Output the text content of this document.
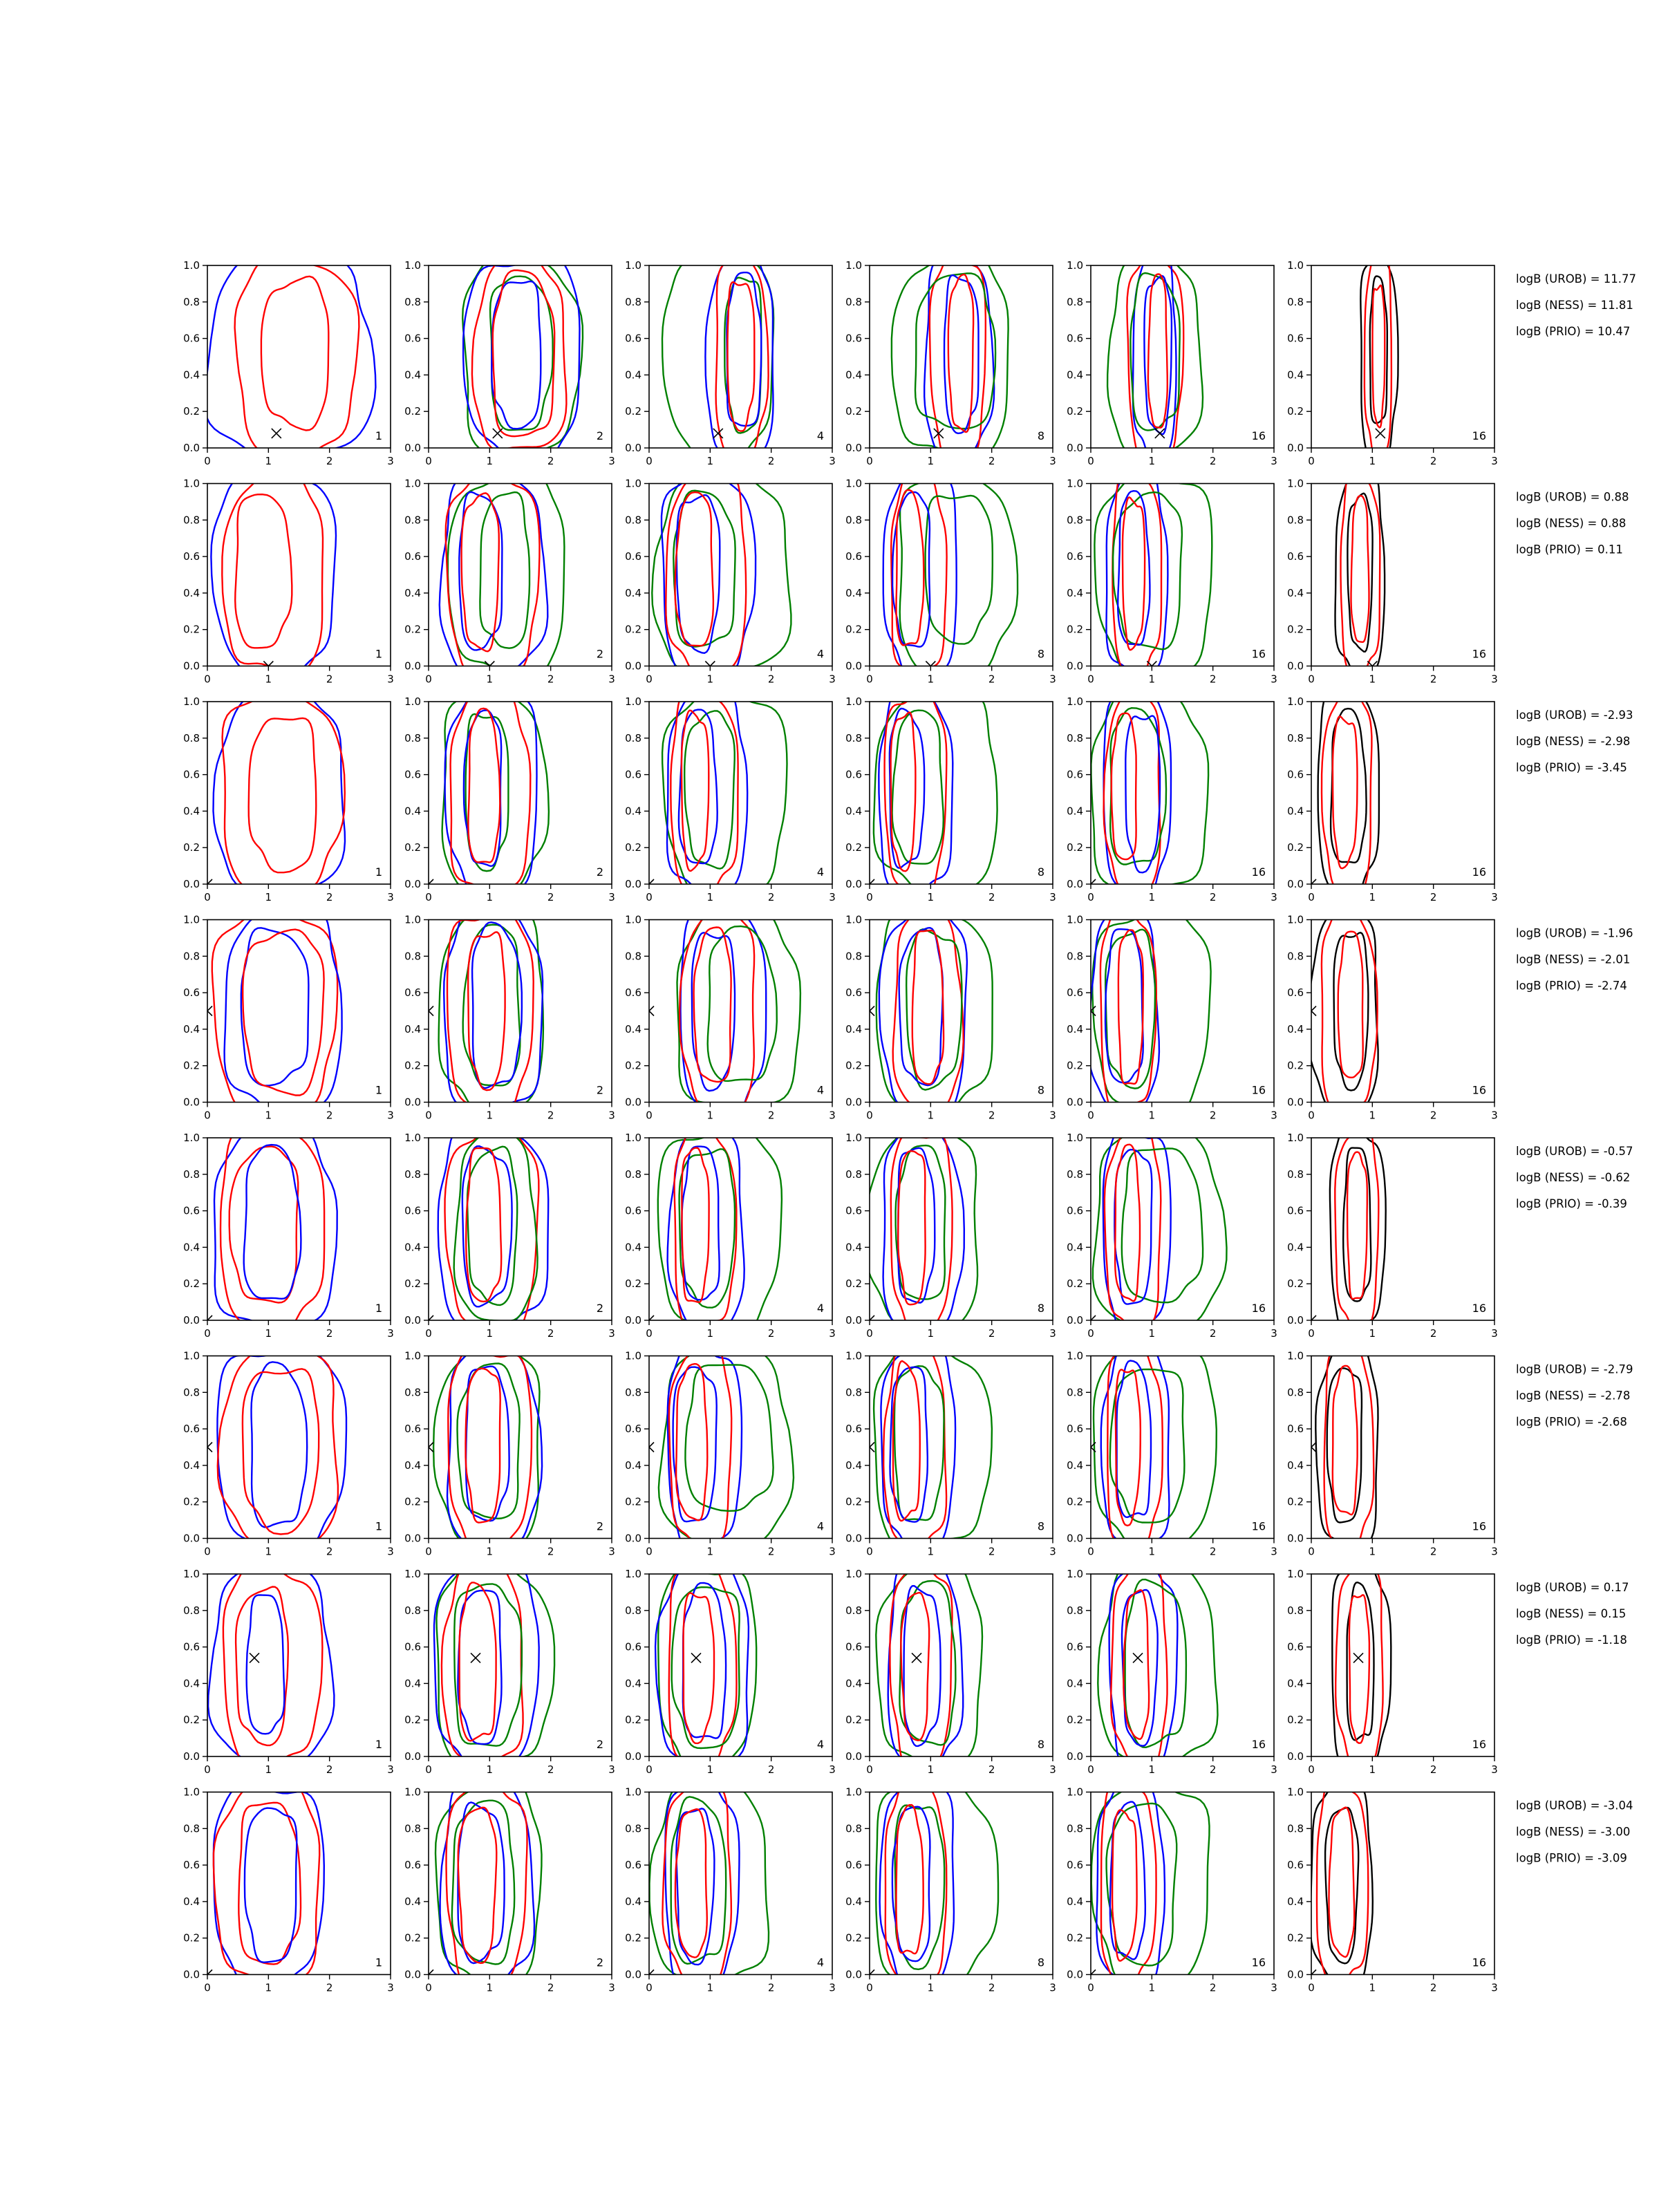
0	1	2	3
0.0
0.2
0.4
0.6
0.8
1.0
1
0	1	2	3
0.0
0.2
0.4
0.6
0.8
1.0
2
0	1	2	3
0.0
0.2
0.4
0.6
0.8
1.0
4
0	1	2	3
0.0
0.2
0.4
0.6
0.8
1.0
8
0	1	2	3
0.0
0.2
0.4
0.6
0.8
1.0
16
0	1	2	3
0.0
0.2
0.4
0.6
0.8
1.0
16
logB (UROB) = 11.77
logB (NESS) = 11.81
logB (PRIO) = 10.47
0	1	2	3
0.0
0.2
0.4
0.6
0.8
1.0
1
0	1	2	3
0.0
0.2
0.4
0.6
0.8
1.0
2
0	1	2	3
0.0
0.2
0.4
0.6
0.8
1.0
4
0	1	2	3
0.0
0.2
0.4
0.6
0.8
1.0
8
0	1	2	3
0.0
0.2
0.4
0.6
0.8
1.0
16
0	1	2	3
0.0
0.2
0.4
0.6
0.8
1.0
16
logB (UROB) = 0.88
logB (NESS) = 0.88
logB (PRIO) = 0.11
0	1	2	3
0.0
0.2
0.4
0.6
0.8
1.0
1
0	1	2	3
0.0
0.2
0.4
0.6
0.8
1.0
2
0	1	2	3
0.0
0.2
0.4
0.6
0.8
1.0
4
0	1	2	3
0.0
0.2
0.4
0.6
0.8
1.0
8
0	1	2	3
0.0
0.2
0.4
0.6
0.8
1.0
16
0	1	2	3
0.0
0.2
0.4
0.6
0.8
1.0
16
logB (UROB) = -2.93
logB (NESS) = -2.98
logB (PRIO) = -3.45
0	1	2	3
0.0
0.2
0.4
0.6
0.8
1.0
1
0	1	2	3
0.0
0.2
0.4
0.6
0.8
1.0
2
0	1	2	3
0.0
0.2
0.4
0.6
0.8
1.0
4
0	1	2	3
0.0
0.2
0.4
0.6
0.8
1.0
8
0	1	2	3
0.0
0.2
0.4
0.6
0.8
1.0
16
0	1	2	3
0.0
0.2
0.4
0.6
0.8
1.0
16
logB (UROB) = -1.96
logB (NESS) = -2.01
logB (PRIO) = -2.74
0	1	2	3
0.0
0.2
0.4
0.6
0.8
1.0
1
0	1	2	3
0.0
0.2
0.4
0.6
0.8
1.0
2
0	1	2	3
0.0
0.2
0.4
0.6
0.8
1.0
4
0	1	2	3
0.0
0.2
0.4
0.6
0.8
1.0
8
0	1	2	3
0.0
0.2
0.4
0.6
0.8
1.0
16
0	1	2	3
0.0
0.2
0.4
0.6
0.8
1.0
16
logB (UROB) = -0.57
logB (NESS) = -0.62
logB (PRIO) = -0.39
0	1	2	3
0.0
0.2
0.4
0.6
0.8
1.0
1
0	1	2	3
0.0
0.2
0.4
0.6
0.8
1.0
2
0	1	2	3
0.0
0.2
0.4
0.6
0.8
1.0
4
0	1	2	3
0.0
0.2
0.4
0.6
0.8
1.0
8
0	1	2	3
0.0
0.2
0.4
0.6
0.8
1.0
16
0	1	2	3
0.0
0.2
0.4
0.6
0.8
1.0
16
logB (UROB) = -2.79
logB (NESS) = -2.78
logB (PRIO) = -2.68
0	1	2	3
0.0
0.2
0.4
0.6
0.8
1.0
1
0	1	2	3
0.0
0.2
0.4
0.6
0.8
1.0
2
0	1	2	3
0.0
0.2
0.4
0.6
0.8
1.0
4
0	1	2	3
0.0
0.2
0.4
0.6
0.8
1.0
8
0	1	2	3
0.0
0.2
0.4
0.6
0.8
1.0
16
0	1	2	3
0.0
0.2
0.4
0.6
0.8
1.0
16
logB (UROB) = 0.17
logB (NESS) = 0.15
logB (PRIO) = -1.18
0	1	2	3
0.0
0.2
0.4
0.6
0.8
1.0
1
0	1	2	3
0.0
0.2
0.4
0.6
0.8
1.0
2
0	1	2	3
0.0
0.2
0.4
0.6
0.8
1.0
4
0	1	2	3
0.0
0.2
0.4
0.6
0.8
1.0
8
0	1	2	3
0.0
0.2
0.4
0.6
0.8
1.0
16
0	1	2	3
0.0
0.2
0.4
0.6
0.8
1.0
16
logB (UROB) = -3.04
logB (NESS) = -3.00
logB (PRIO) = -3.09
